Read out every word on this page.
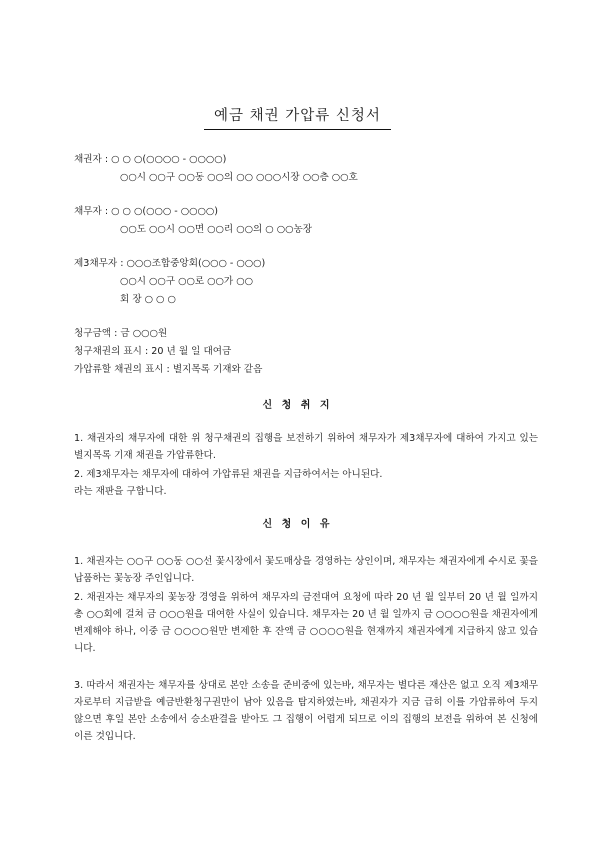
예금 채권 가압류 신청서
채권자 : ○ ○ ○(○○○○ - ○○○○)
○○시 ○○구 ○○동 ○○의 ○○ ○○○시장 ○○층 ○○호
채무자 : ○ ○ ○(○○○ - ○○○○)
○○도 ○○시 ○○면 ○○리 ○○의 ○ ○○농장
제3채무자 : ○○○조합중앙회(○○○ - ○○○)
○○시 ○○구 ○○로 ○○가 ○○
회 장 ○ ○ ○
청구금액 : 금 ○○○원
청구채권의 표시 : 20 년 월 일 대여금
가압류할 채권의 표시 : 별지목록 기재와 같음
신 청 취 지

1. 채권자의 채무자에 대한 위 청구채권의 집행을 보전하기 위하여 채무자가 제3채무자에 대하여 가지고 있는 별지목록 기재 채권을 가압류한다.

2. 제3채무자는 채무자에 대하여 가압류된 채권을 지급하여서는 아니된다.

라는 재판을 구합니다.

신 청 이 유

1. 채권자는 ○○구 ○○동 ○○선 꽃시장에서 꽃도매상을 경영하는 상인이며, 채무자는 채권자에게 수시로 꽃을 납품하는 꽃농장 주인입니다.

2. 채권자는 채무자의 꽃농장 경영을 위하여 채무자의 금전대여 요청에 따라 20 년 월 일부터 20 년 월 일까지 총 ○○회에 걸쳐 금 ○○○원을 대여한 사실이 있습니다. 채무자는 20 년 월 일까지 금 ○○○○원을 채권자에게 변제해야 하나, 이중 금 ○○○○원만 변제한 후 잔액 금 ○○○○원을 현재까지 채권자에게 지급하지 않고 있습니다.

3. 따라서 채권자는 채무자를 상대로 본안 소송을 준비중에 있는바, 채무자는 별다른 재산은 없고 오직 제3채무자로부터 지급받을 예금반환청구권만이 남아 있음을 탐지하였는바, 채권자가 지금 급히 이를 가압류하여 두지 않으면 후일 본안 소송에서 승소판결을 받아도 그 집행이 어렵게 되므로 이의 집행의 보전을 위하여 본 신청에 이른 것입니다.
